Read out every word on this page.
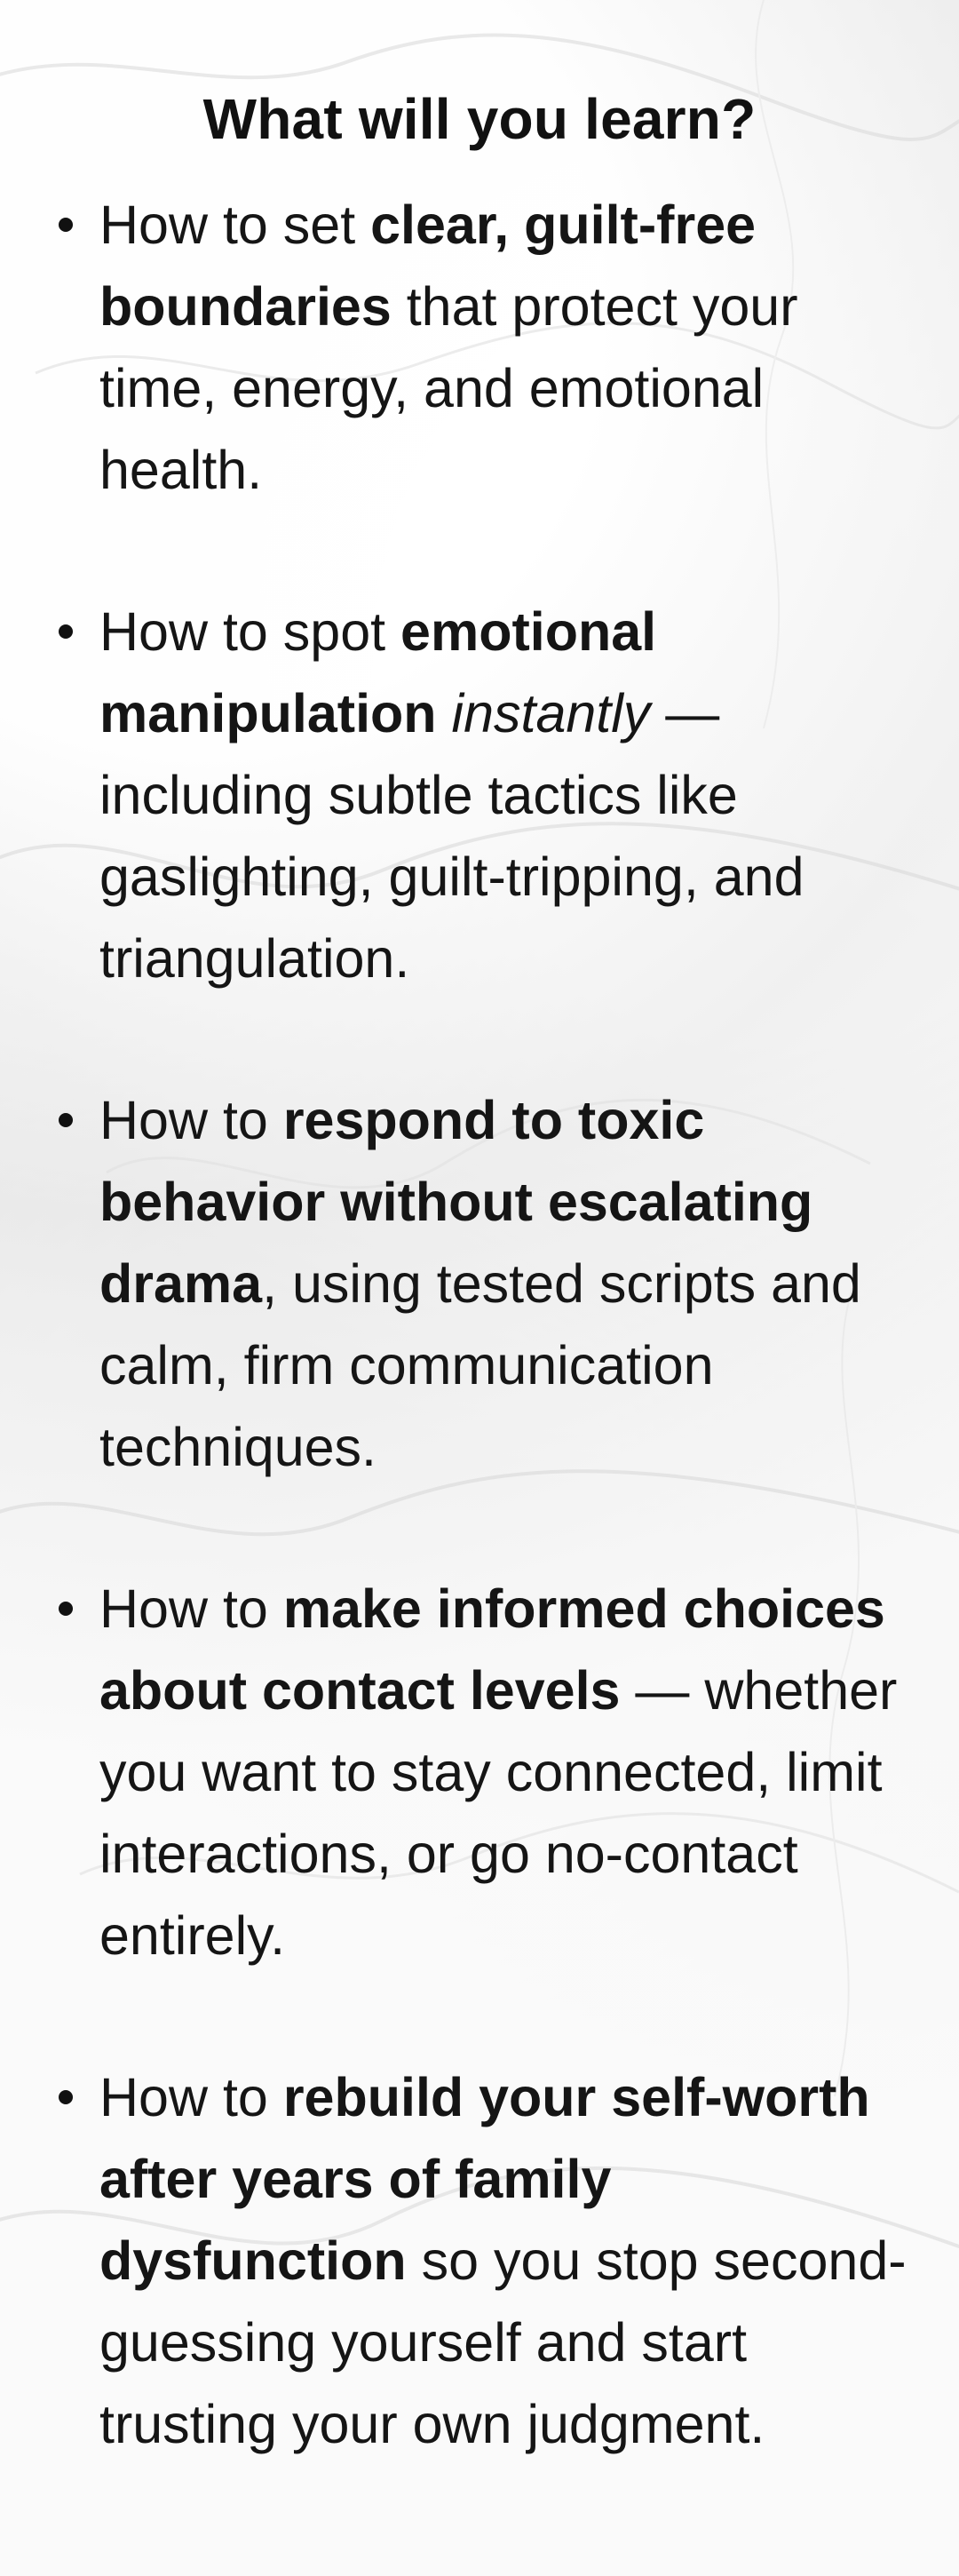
What will you learn?
How to set clear, guilt-free boundaries that protect your time, energy, and emotional health.
How to spot emotional manipulation instantly — including subtle tactics like gaslighting, guilt-tripping, and triangulation.
How to respond to toxic behavior without escalating drama, using tested scripts and calm, firm communication techniques.
How to make informed choices about contact levels — whether you want to stay connected, limit interactions, or go no-contact entirely.
How to rebuild your self-worth after years of family dysfunction so you stop second-guessing yourself and start trusting your own judgment.
